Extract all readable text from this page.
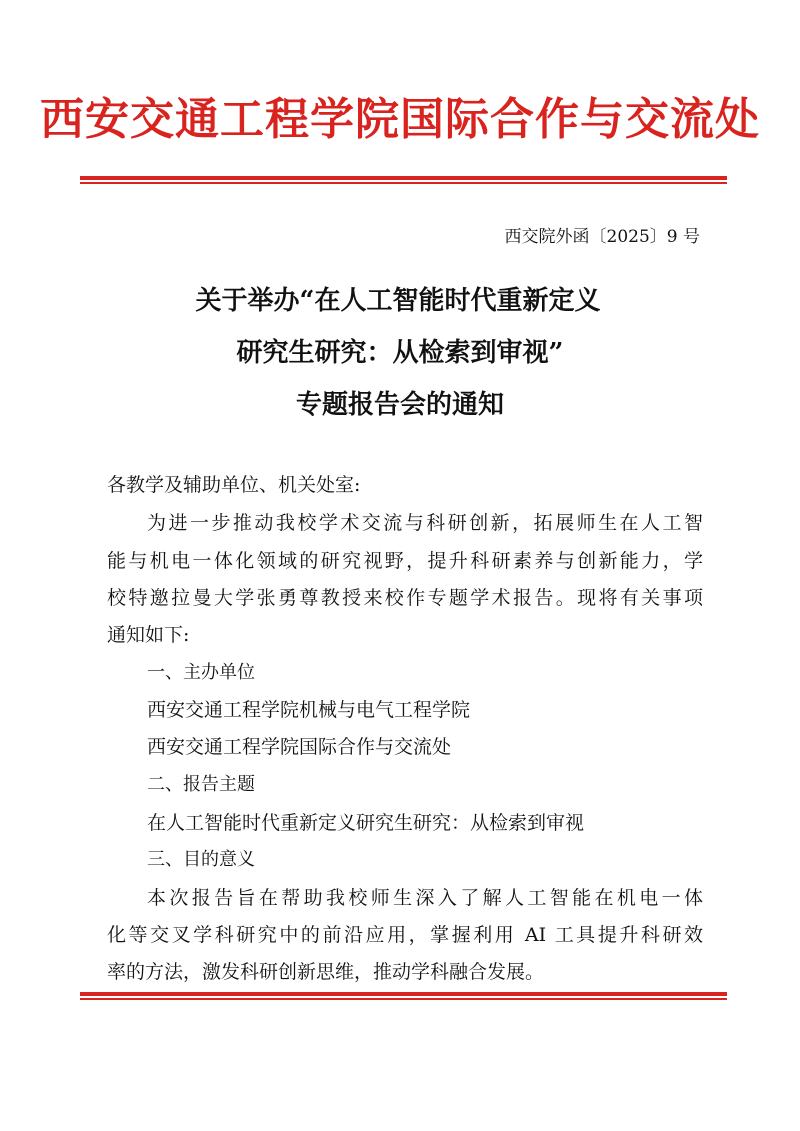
西安交通工程学院国际合作与交流处
西交院外函〔2025〕9 号
关于举办“在人工智能时代重新定义
研究生研究：从检索到审视”
专题报告会的通知
各教学及辅助单位、机关处室:
为进一步推动我校学术交流与科研创新，拓展师生在人工智
能与机电一体化领域的研究视野，提升科研素养与创新能力，学
校特邀拉曼大学张勇尊教授来校作专题学术报告。现将有关事项
通知如下:
一、主办单位
西安交通工程学院机械与电气工程学院
西安交通工程学院国际合作与交流处
二、报告主题
在人工智能时代重新定义研究生研究：从检索到审视
三、目的意义
本次报告旨在帮助我校师生深入了解人工智能在机电一体
化等交叉学科研究中的前沿应用，掌握利用 AI 工具提升科研效
率的方法，激发科研创新思维，推动学科融合发展。
